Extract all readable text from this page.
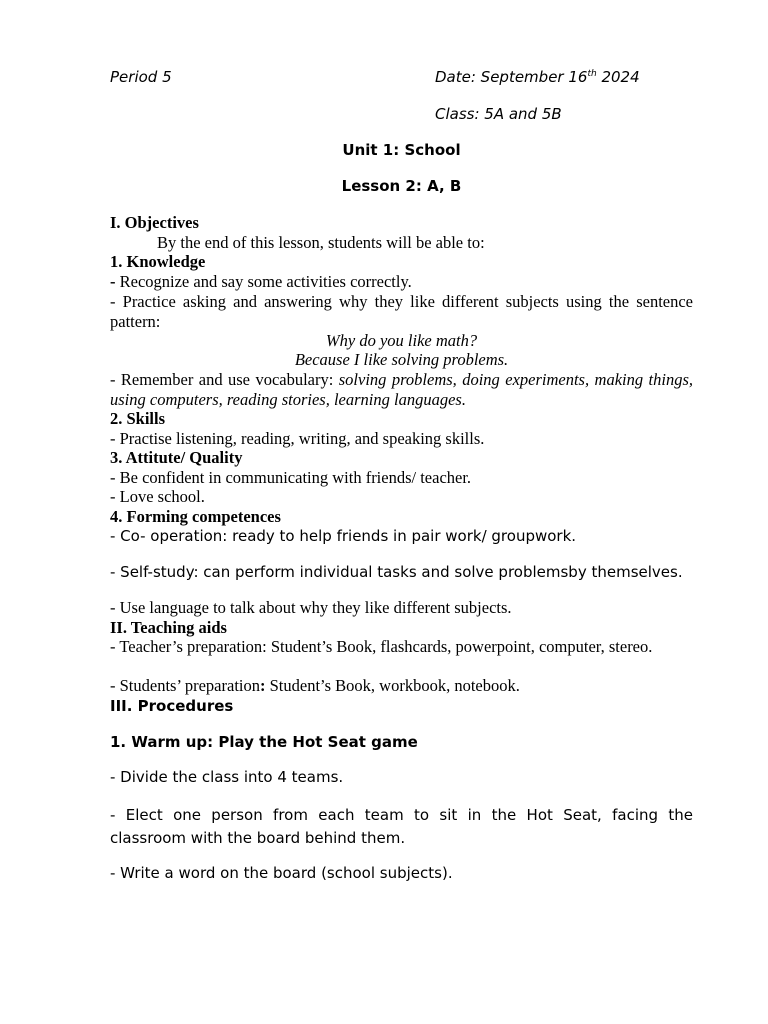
Period 5	Date: September 16th 2024
Class: 5A and 5B
Unit 1: School
Lesson 2: A, B
I. Objectives
By the end of this lesson, students will be able to:
1. Knowledge
- Recognize and say some activities correctly.
- Practice asking and answering why they like different subjects using the sentence pattern:
Why do you like math?
Because I like solving problems.
- Remember and use vocabulary: solving problems, doing experiments, making things, using computers, reading stories, learning languages.
2. Skills
- Practise listening, reading, writing, and speaking skills.
3. Attitute/ Quality
- Be confident in communicating with friends/ teacher.
- Love school.
4. Forming competences
- Co- operation: ready to help friends in pair work/ groupwork.
- Self-study: can perform individual tasks and solve problemsby themselves.
- Use language to talk about why they like different subjects.
II. Teaching aids
- Teacher’s preparation: Student’s Book, flashcards, powerpoint, computer, stereo.
- Students’ preparation: Student’s Book, workbook, notebook.
III. Procedures
1. Warm up: Play the Hot Seat game
- Divide the class into 4 teams.
- Elect one person from each team to sit in the Hot Seat, facing the classroom with the board behind them.
- Write a word on the board (school subjects).
